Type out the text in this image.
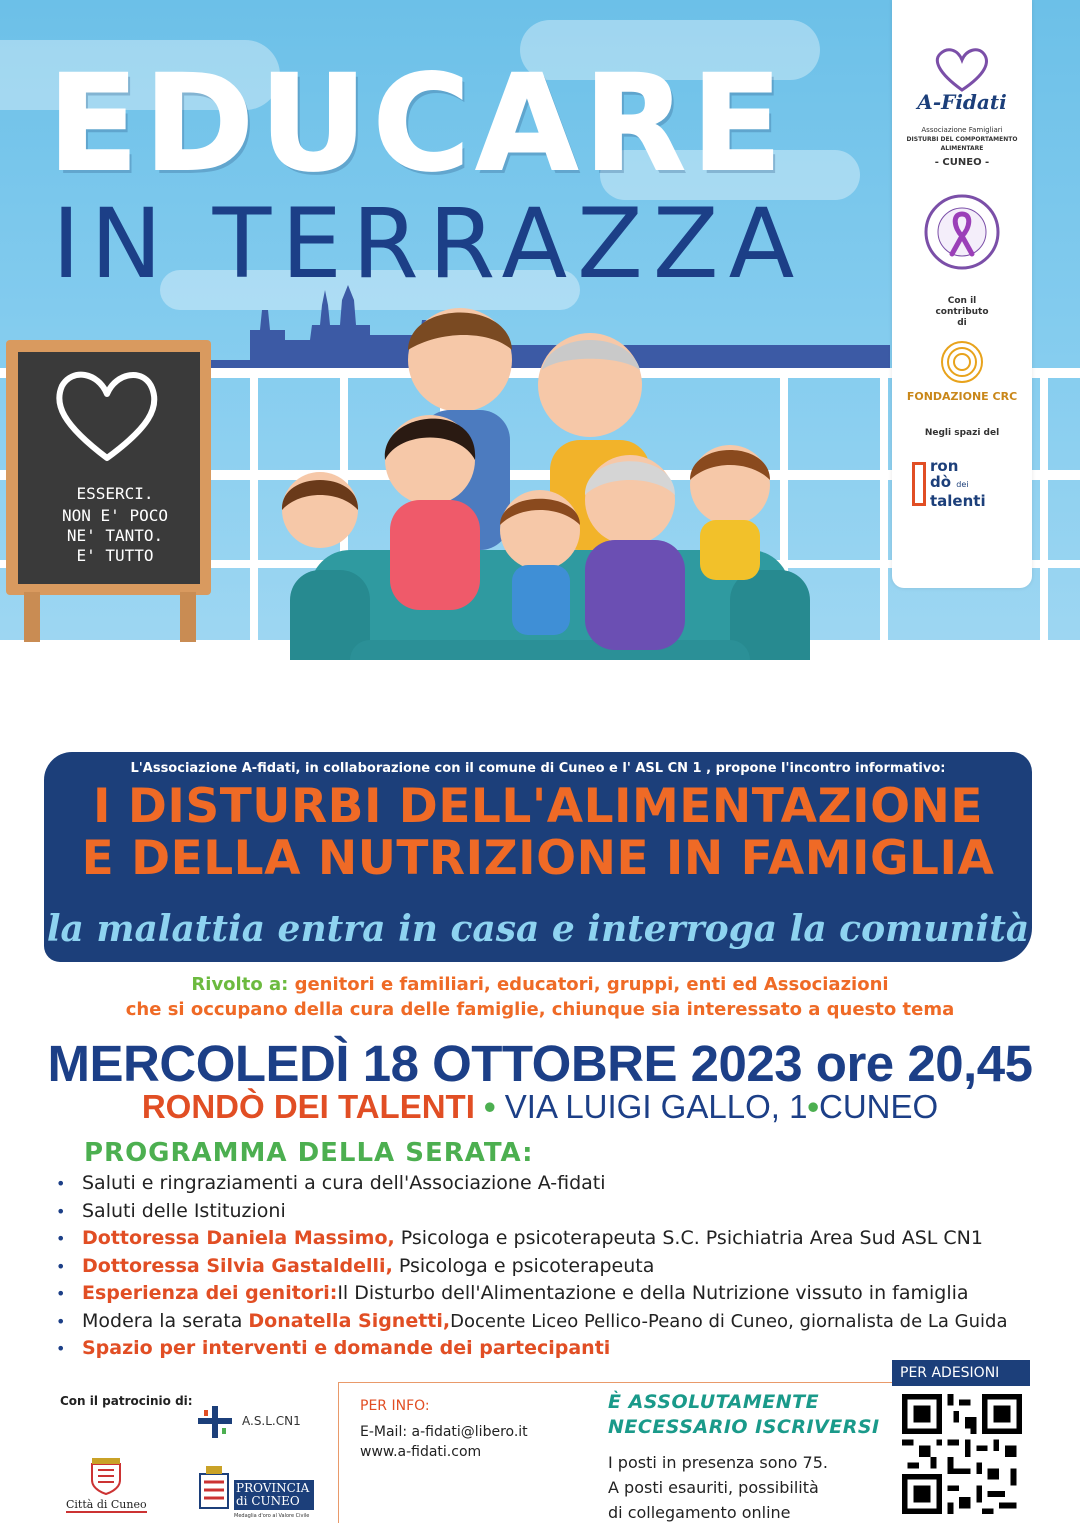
EDUCARE
IN TERRAZZA
ESSERCI.
NON E' POCO
NE' TANTO.
E' TUTTO
A-Fidati
Associazione Famigliari
DISTURBI DEL COMPORTAMENTO
ALIMENTARE
- CUNEO -
Con il contributo di
FONDAZIONE CRC
Negli spazi del
ron
dò dei
talenti
L'Associazione A-fidati, in collaborazione con il comune di Cuneo e l' ASL CN 1 , propone l'incontro informativo:
I DISTURBI DELL'ALIMENTAZIONE
E DELLA NUTRIZIONE IN FAMIGLIA
la malattia entra in casa e interroga la comunità
Rivolto a: genitori e familiari, educatori, gruppi, enti ed Associazioni
che si occupano della cura delle famiglie, chiunque sia interessato a questo tema
MERCOLEDÌ 18 OTTOBRE 2023 ore 20,45
RONDÒ DEI TALENTI • VIA LUIGI GALLO, 1•CUNEO
PROGRAMMA DELLA SERATA:
• Saluti e ringraziamenti a cura dell'Associazione A-fidati
• Saluti delle Istituzioni
• Dottoressa Daniela Massimo, Psicologa e psicoterapeuta S.C. Psichiatria Area Sud ASL CN1
• Dottoressa Silvia Gastaldelli, Psicologa e psicoterapeuta
• Esperienza dei genitori:Il Disturbo dell'Alimentazione e della Nutrizione vissuto in famiglia
• Modera la serata Donatella Signetti,Docente Liceo Pellico-Peano di Cuneo, giornalista de La Guida
• Spazio per interventi e domande dei partecipanti
Con il patrocinio di:
A.S.L.CN1
Città di Cuneo
PROVINCIA
di CUNEO
Medaglia d'oro al Valore Civile
PER INFO:
E-Mail: a-fidati@libero.it
www.a-fidati.com
È ASSOLUTAMENTE
NECESSARIO ISCRIVERSI
I posti in presenza sono 75.
A posti esauriti, possibilità
di collegamento online
PER ADESIONI
